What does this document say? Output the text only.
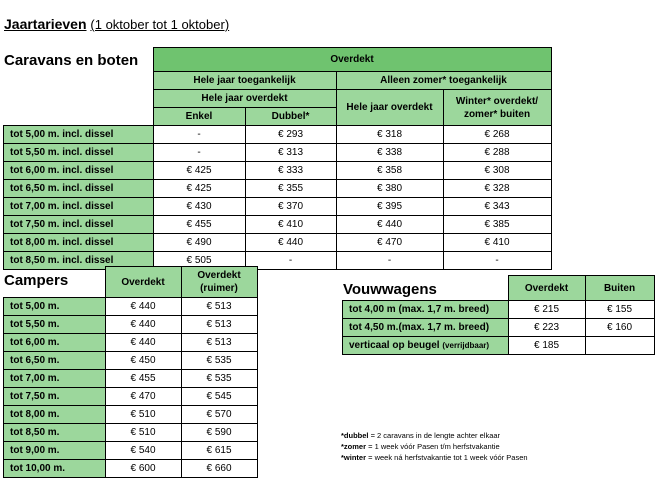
Jaartarieven (1 oktober tot 1 oktober)
Caravans en boten
		Overdekt			
	Hele jaar toegankelijk		Alleen zomer* toegankelijk	
	Hele jaar overdekt		Hele jaar overdekt	Winter* overdekt/
zomer* buiten
	Enkel	Dubbel*		
tot 5,00 m. incl. dissel	-	€ 293	€ 318	€ 268
tot 5,50 m. incl. dissel	-	€ 313	€ 338	€ 288
tot 6,00 m. incl. dissel	€ 425	€ 333	€ 358	€ 308
tot 6,50 m. incl. dissel	€ 425	€ 355	€ 380	€ 328
tot 7,00 m. incl. dissel	€ 430	€ 370	€ 395	€ 343
tot 7,50 m. incl. dissel	€ 455	€ 410	€ 440	€ 385
tot 8,00 m. incl. dissel	€ 490	€ 440	€ 470	€ 410
tot 8,50 m. incl. dissel	€ 505	-	-	-
Campers
		Overdekt	Overdekt
(ruimer)
tot 5,00 m.	€ 440	€ 513
tot 5,50 m.	€ 440	€ 513
tot 6,00 m.	€ 440	€ 513
tot 6,50 m.	€ 450	€ 535
tot 7,00 m.	€ 455	€ 535
tot 7,50 m.	€ 470	€ 545
tot 8,00 m.	€ 510	€ 570
tot 8,50 m.	€ 510	€ 590
tot 9,00 m.	€ 540	€ 615
tot 10,00 m.	€ 600	€ 660
Vouwwagens
		Overdekt	Buiten
tot 4,00 m (max. 1,7 m. breed)	€ 215	€ 155
tot 4,50 m.(max. 1,7 m. breed)	€ 223	€ 160
verticaal op beugel (verrijdbaar)	€ 185	
*dubbel = 2 caravans in de lengte achter elkaar
*zomer = 1 week vóór Pasen t/m herfstvakantie
*winter = week ná herfstvakantie tot 1 week vóór Pasen
